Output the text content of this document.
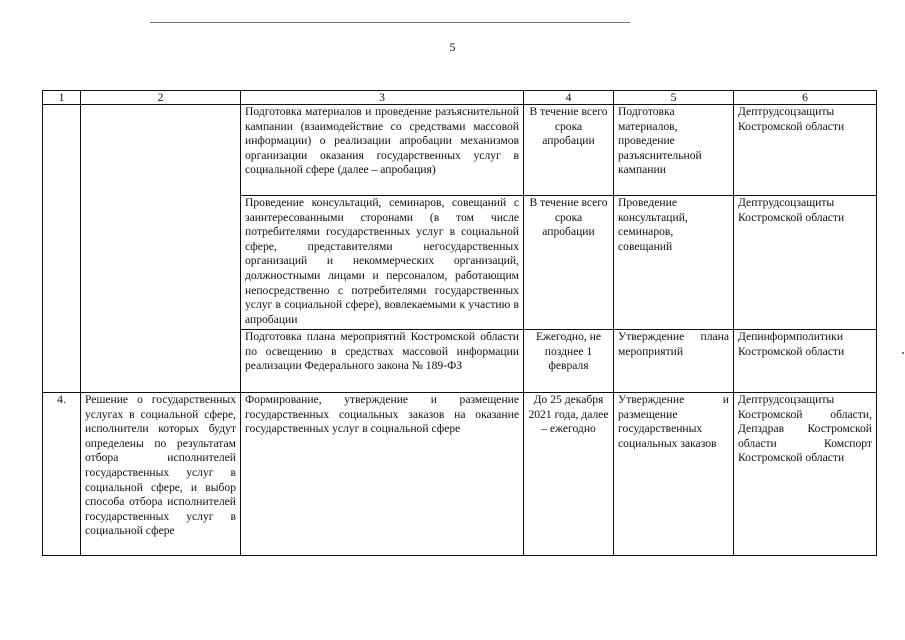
5
1	2	3	4	5	6
		Подготовка материалов и проведение разъяснительной кампании (взаимодействие со средствами массовой информации) о реализации апробации механизмов организации оказания государственных услуг в социальной сфере (далее – апробация)	В течение всего срока апробации	Подготовка материалов, проведение разъяснительной кампании	Дептрудсоцзащиты Костромской области
		Проведение консультаций, семинаров, совещаний с заинтересованными сторонами (в том числе потребителями государственных услуг в социальной сфере, представителями негосударственных организаций и некоммерческих организаций, должностными лицами и персоналом, работающим непосредственно с потребителями государственных услуг в социальной сфере), вовлекаемыми к участию в апробации	В течение всего срока апробации	Проведение консультаций, семинаров, совещаний	Дептрудсоцзащиты Костромской области
		Подготовка плана мероприятий Костромской области по освещению в средствах массовой информации реализации Федерального закона № 189-ФЗ	Ежегодно, не позднее 1 февраля	Утверждение плана мероприятий	Депинформполитики Костромской области
4.	Решение о государственных услугах в социальной сфере, исполнители которых будут определены по результатам отбора исполнителей государственных услуг в социальной сфере, и выбор способа отбора исполнителей государственных услуг в социальной сфере	Формирование, утверждение и размещение государственных социальных заказов на оказание государственных услуг в социальной сфере	До 25 декабря 2021 года, далее – ежегодно	Утверждение и размещение государственных социальных заказов	Дептрудсоцзащиты Костромской области, Депздрав Костромской области Комспорт Костромской области
